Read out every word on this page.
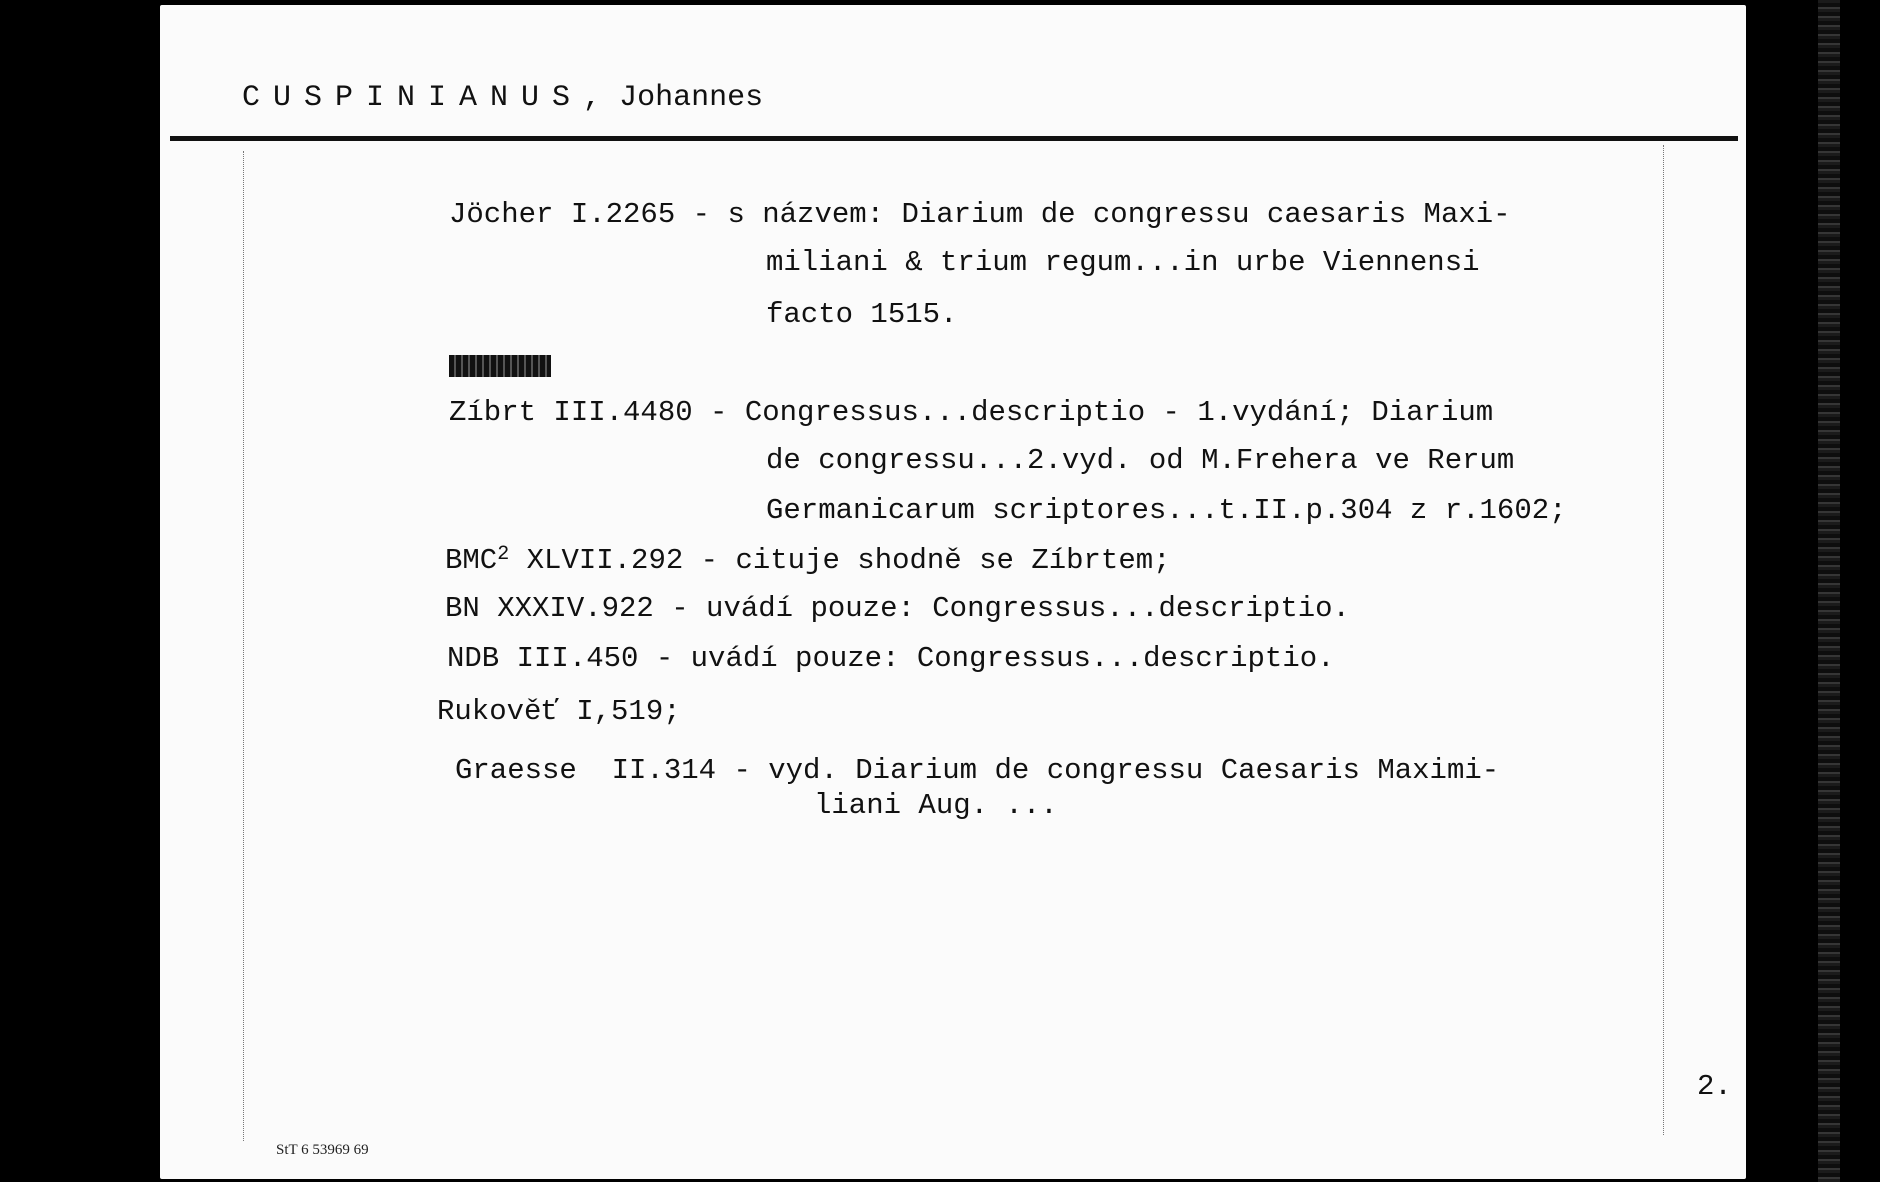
CUSPINIANUS, Johannes
Jöcher I.2265 - s názvem: Diarium de congressu caesaris Maxi-
miliani & trium regum...in urbe Viennensi
facto 1515.
Zíbrt III.4480 - Congressus...descriptio - 1.vydání; Diarium
de congressu...2.vyd. od M.Frehera ve Rerum
Germanicarum scriptores...t.II.p.304 z r.1602;
BMC$^2$ XLVII.292 - cituje shodně se Zíbrtem;
BN XXXIV.922 - uvádí pouze: Congressus...descriptio.
NDB III.450 - uvádí pouze: Congressus...descriptio.
Rukověť I,519;
Graesse  II.314 - vyd. Diarium de congressu Caesaris Maximi-
liani Aug. ...
2.
StT 6 53969 69
